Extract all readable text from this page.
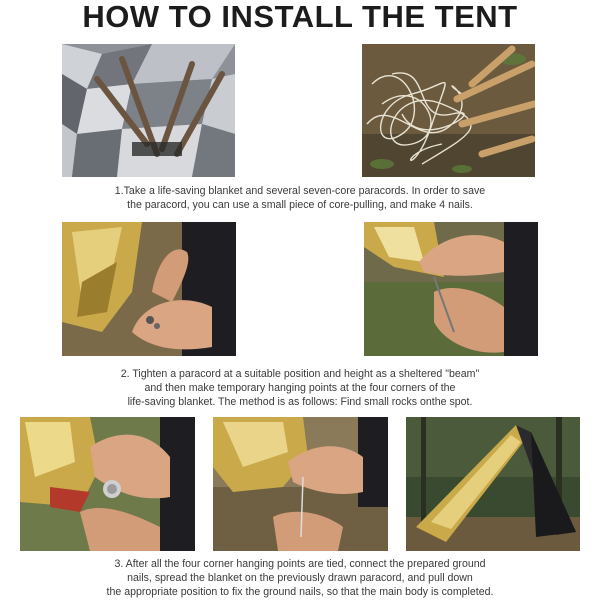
HOW TO INSTALL THE TENT
1.Take a life-saving blanket and several seven-core paracords. In order to save
the paracord, you can use a small piece of core-pulling, and make 4 nails.
2. Tighten a paracord at a suitable position and height as a sheltered "beam"
and then make temporary hanging points at the four corners of the
life-saving blanket. The method is as follows: Find small rocks onthe spot.
3. After all the four corner hanging points are tied, connect the prepared ground
nails, spread the blanket on the previously drawn paracord, and pull down
the appropriate position to fix the ground nails, so that the main body is completed.
